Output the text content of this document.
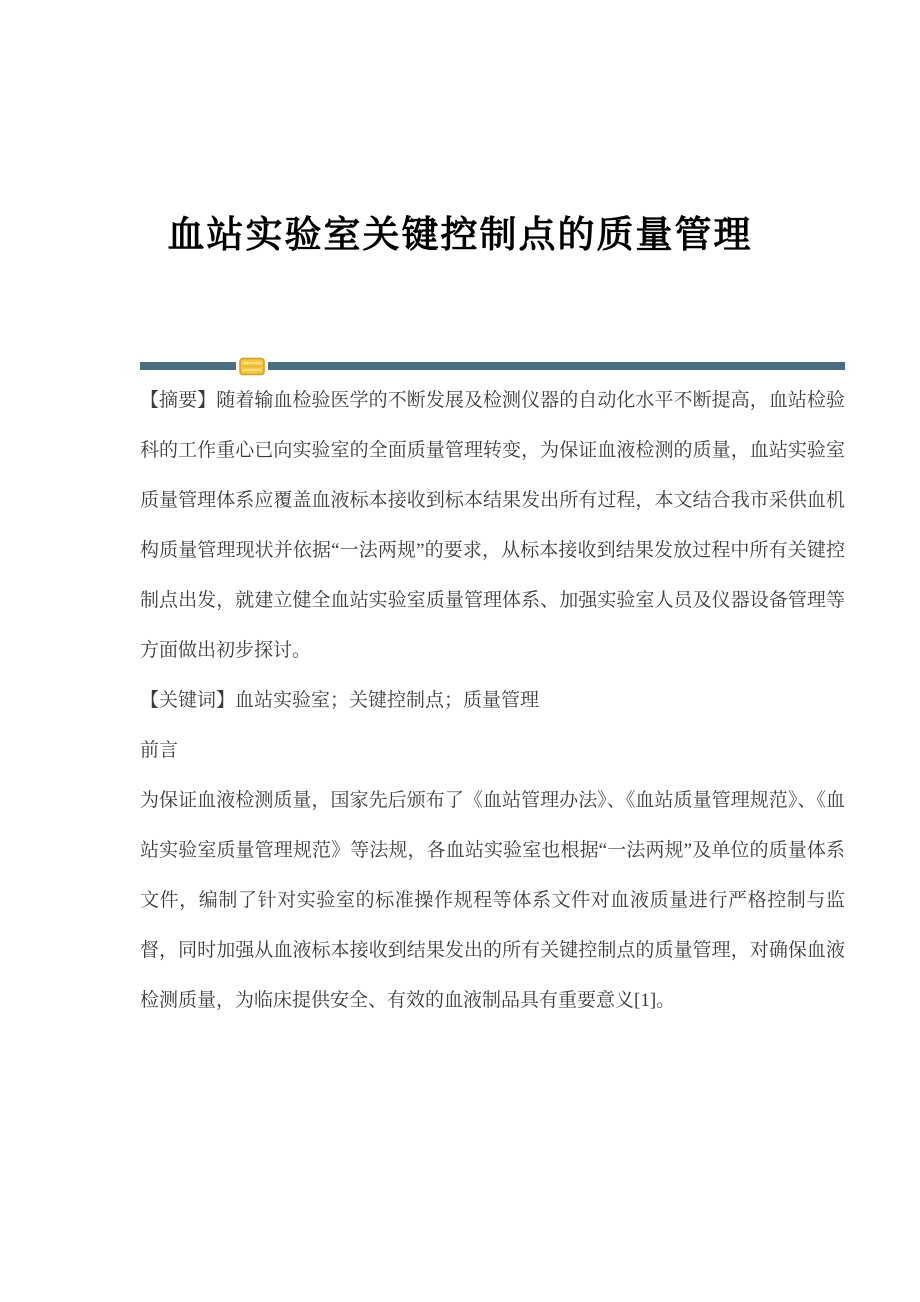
血站实验室关键控制点的质量管理

【摘要】随着输血检验医学的不断发展及检测仪器的自动化水平不断提高，血站检验科的工作重心已向实验室的全面质量管理转变，为保证血液检测的质量，血站实验室质量管理体系应覆盖血液标本接收到标本结果发出所有过程，本文结合我市采供血机构质量管理现状并依据“一法两规”的要求，从标本接收到结果发放过程中所有关键控制点出发，就建立健全血站实验室质量管理体系、加强实验室人员及仪器设备管理等方面做出初步探讨。

【关键词】血站实验室；关键控制点；质量管理

前言

为保证血液检测质量，国家先后颁布了《血站管理办法》、《血站质量管理规范》、《血站实验室质量管理规范》等法规，各血站实验室也根据“一法两规”及单位的质量体系文件，编制了针对实验室的标准操作规程等体系文件对血液质量进行严格控制与监督，同时加强从血液标本接收到结果发出的所有关键控制点的质量管理，对确保血液检测质量，为临床提供安全、有效的血液制品具有重要意义[1]。
